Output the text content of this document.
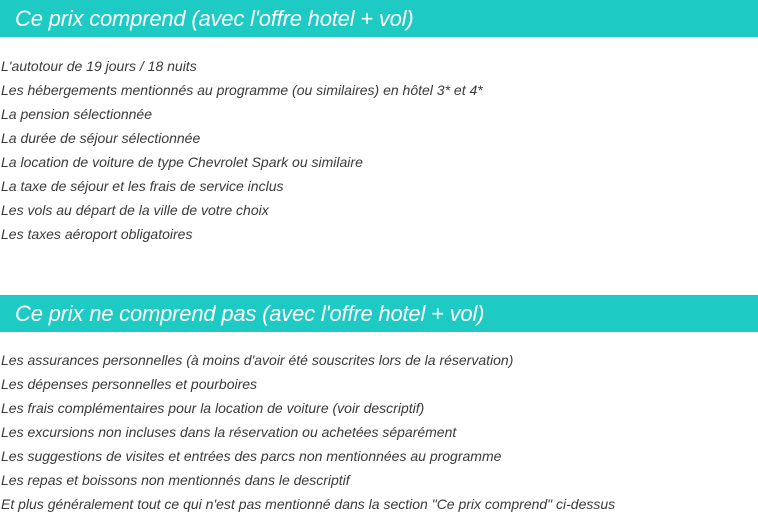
Ce prix comprend (avec l'offre hotel + vol)
L'autotour de 19 jours / 18 nuits
Les hébergements mentionnés au programme (ou similaires) en hôtel 3* et 4*
La pension sélectionnée
La durée de séjour sélectionnée
La location de voiture de type Chevrolet Spark ou similaire
La taxe de séjour et les frais de service inclus
Les vols au départ de la ville de votre choix
Les taxes aéroport obligatoires
Ce prix ne comprend pas (avec l'offre hotel + vol)
Les assurances personnelles (à moins d'avoir été souscrites lors de la réservation)
Les dépenses personnelles et pourboires
Les frais complémentaires pour la location de voiture (voir descriptif)
Les excursions non incluses dans la réservation ou achetées séparément
Les suggestions de visites et entrées des parcs non mentionnées au programme
Les repas et boissons non mentionnés dans le descriptif
Et plus généralement tout ce qui n'est pas mentionné dans la section "Ce prix comprend" ci-dessus
